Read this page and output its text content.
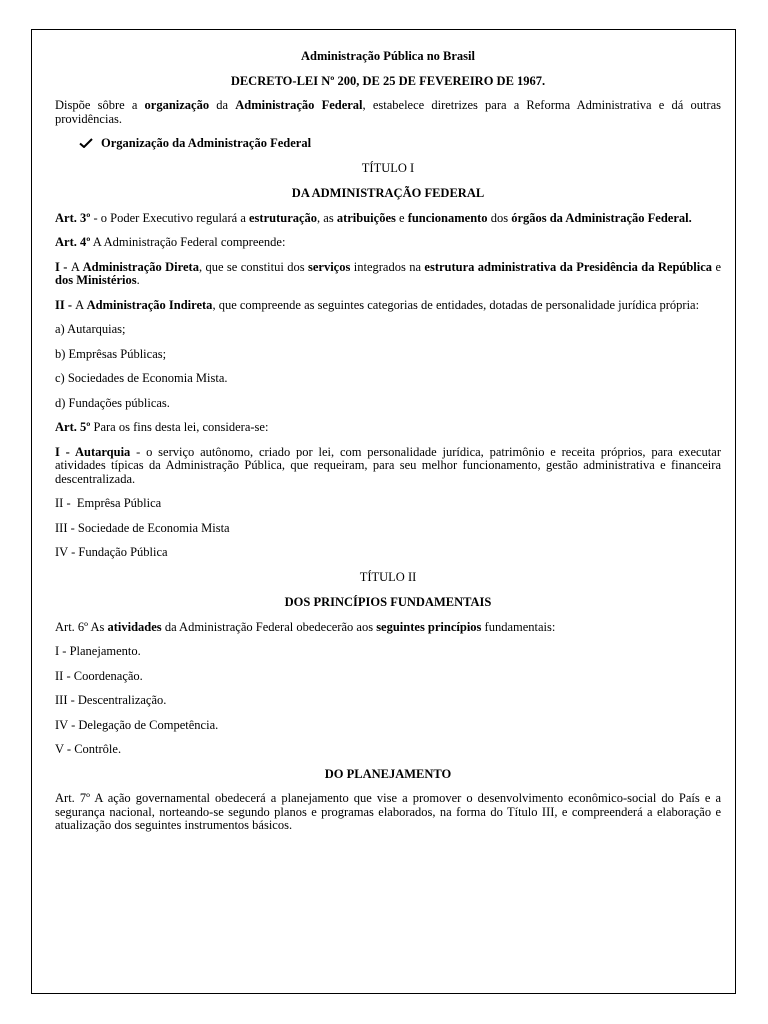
Administração Pública no Brasil

DECRETO-LEI Nº 200, DE 25 DE FEVEREIRO DE 1967.

Dispõe sôbre a organização da Administração Federal, estabelece diretrizes para a Reforma Administrativa e dá outras providências.

Organização da Administração Federal

TÍTULO I

DA ADMINISTRAÇÃO FEDERAL

Art. 3º - o Poder Executivo regulará a estruturação, as atribuições e funcionamento dos órgãos da Administração Federal.

Art. 4º A Administração Federal compreende:

I - A Administração Direta, que se constitui dos serviços integrados na estrutura administrativa da Presidência da República e dos Ministérios.

II - A Administração Indireta, que compreende as seguintes categorias de entidades, dotadas de personalidade jurídica própria:

a) Autarquias;

b) Emprêsas Públicas;

c) Sociedades de Economia Mista.

d) Fundações públicas.

Art. 5º Para os fins desta lei, considera-se:

I - Autarquia - o serviço autônomo, criado por lei, com personalidade jurídica, patrimônio e receita próprios, para executar atividades típicas da Administração Pública, que requeiram, para seu melhor funcionamento, gestão administrativa e financeira descentralizada.

II -  Emprêsa Pública

III - Sociedade de Economia Mista

IV - Fundação Pública

TÍTULO II

DOS PRINCÍPIOS FUNDAMENTAIS

Art. 6º As atividades da Administração Federal obedecerão aos seguintes princípios fundamentais:

I - Planejamento.

II - Coordenação.

III - Descentralização.

IV - Delegação de Competência.

V - Contrôle.

DO PLANEJAMENTO

Art. 7º A ação governamental obedecerá a planejamento que vise a promover o desenvolvimento econômico-social do País e a segurança nacional, norteando-se segundo planos e programas elaborados, na forma do Título III, e compreenderá a elaboração e atualização dos seguintes instrumentos básicos.
